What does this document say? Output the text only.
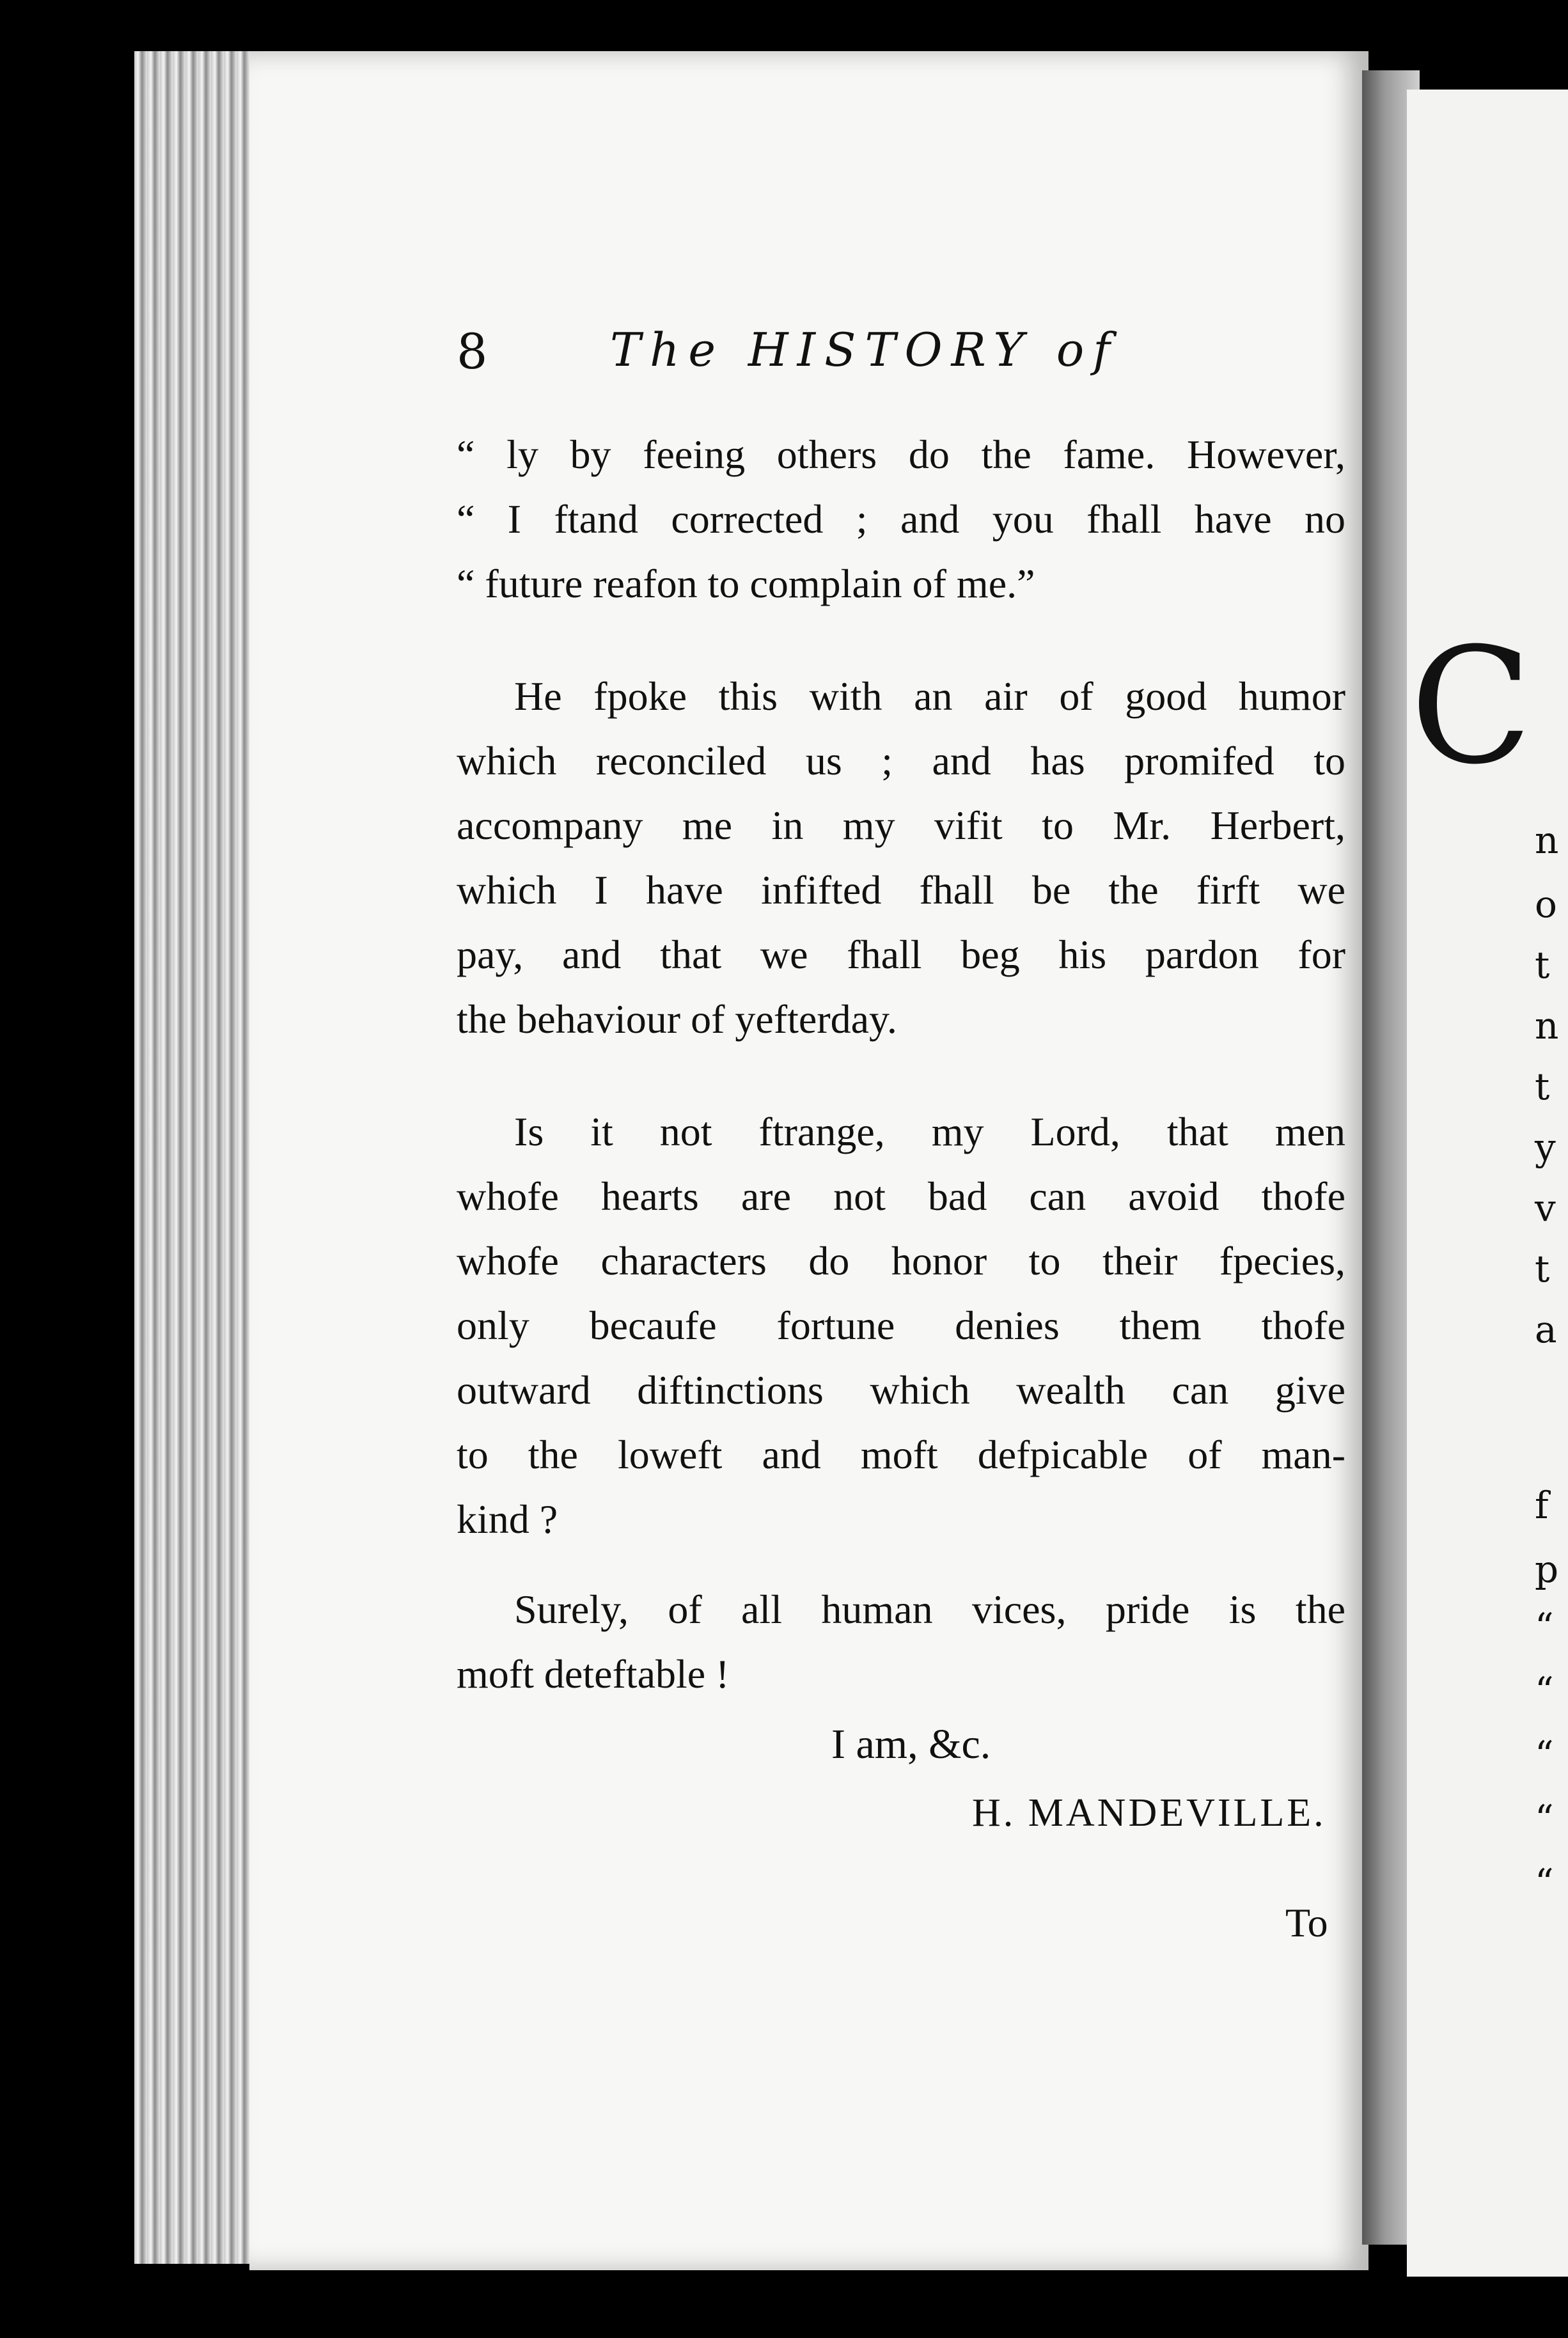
C
n
o
t
n
t
y
v
t
a
f
p
“
“
“
“
“
8	The HISTORY of
“ ly by feeing others do the fame. However,
“ I ftand corrected ; and you fhall have no
“ future reafon to complain of me.”
He fpoke this with an air of good humor
which reconciled us ; and has promifed to
accompany me in my vifit to Mr. Herbert,
which I have infifted fhall be the firft we
pay, and that we fhall beg his pardon for
the behaviour of yefterday.
Is it not ftrange, my Lord, that men
whofe hearts are not bad can avoid thofe
whofe characters do honor to their fpecies,
only becaufe fortune denies them thofe
outward diftinctions which wealth can give
to the loweft and moft defpicable of man-
kind ?
Surely, of all human vices, pride is the
moft deteftable !
I am, &c.
H. MANDEVILLE.
To
